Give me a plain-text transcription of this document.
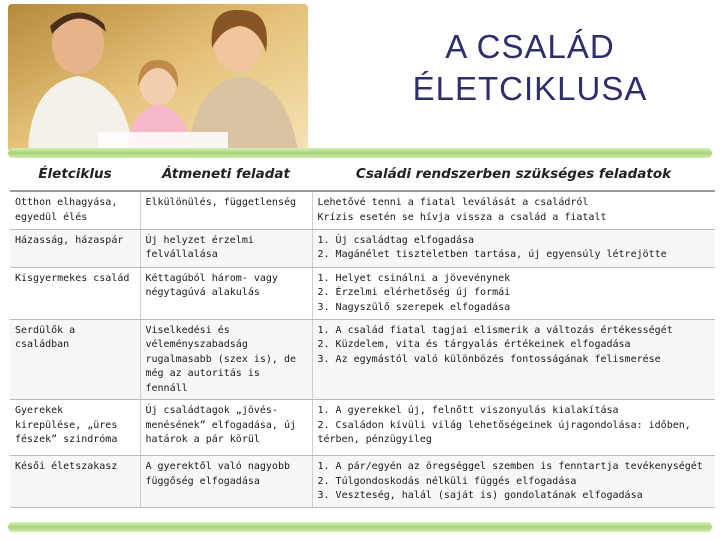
A CSALÁD
ÉLETCIKLUSA
Életciklus	Átmeneti feladat	Családi rendszerben szükséges feladatok
Otthon elhagyása, egyedül élés	Elkülönülés, függetlenség	Lehetővé tenni a fiatal leválását a családról
Krízis esetén se hívja vissza a család a fiatalt

Házasság, házaspár	Új helyzet érzelmi felvállalása	1. Új családtag elfogadása
2. Magánélet tiszteletben tartása, új egyensúly létrejötte

Kisgyermekes család	Kéttagúból három- vagy négytagúvá alakulás	1. Helyet csinálni a jövevénynek
2. Érzelmi elérhetőség új formái
3. Nagyszülő szerepek elfogadása

Serdülők a családban	Viselkedési és véleményszabadság rugalmasabb (szex is), de még az autoritás is fennáll	1. A család fiatal tagjai elismerik a változás értékességét
2. Küzdelem, vita és tárgyalás értékeinek elfogadása
3. Az egymástól való különbözés fontosságának felismerése

Gyerekek kirepülése, „üres fészek” szindróma	Új családtagok „jövés-menésének” elfogadása, új határok a pár körül	1. A gyerekkel új, felnőtt viszonyulás kialakítása
2. Családon kívüli világ lehetőségeinek újragondolása: időben, térben, pénzügyileg

Késői életszakasz	A gyerektől való nagyobb függőség elfogadása	1. A pár/egyén az öregséggel szemben is fenntartja tevékenységét
2. Túlgondoskodás nélküli függés elfogadása
3. Veszteség, halál (saját is) gondolatának elfogadása
